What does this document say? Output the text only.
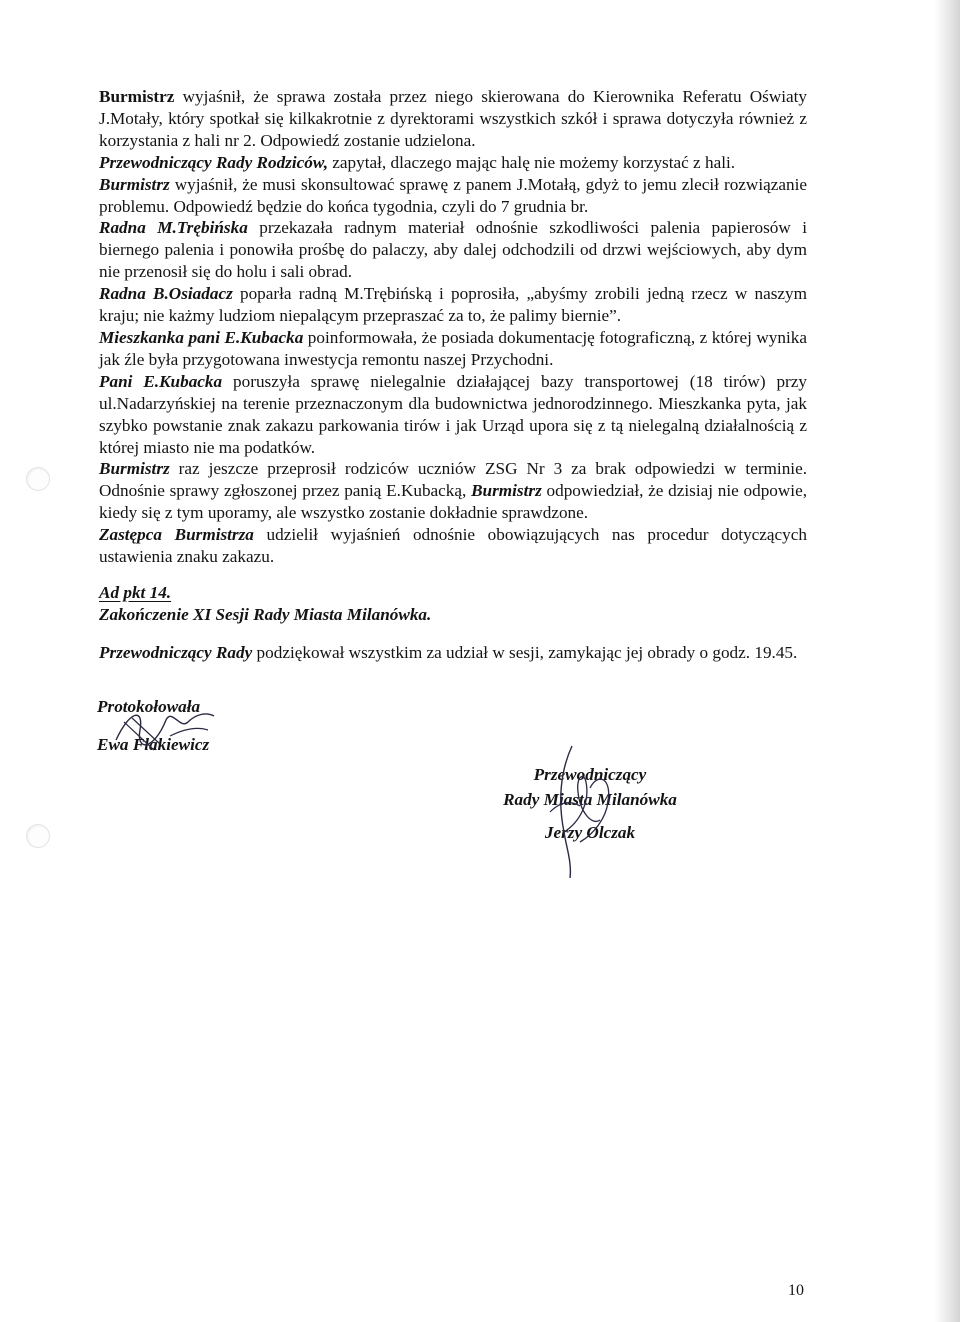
Burmistrz wyjaśnił, że sprawa została przez niego skierowana do Kierownika Referatu Oświaty J.Motały, który spotkał się kilkakrotnie z dyrektorami wszystkich szkół i sprawa dotyczyła również z korzystania z hali nr 2. Odpowiedź zostanie udzielona.

Przewodniczący Rady Rodziców, zapytał, dlaczego mając halę nie możemy korzystać z hali.

Burmistrz wyjaśnił, że musi skonsultować sprawę z panem J.Motałą, gdyż to jemu zlecił rozwiązanie problemu. Odpowiedź będzie do końca tygodnia, czyli do 7 grudnia br.

Radna M.Trębińska przekazała radnym materiał odnośnie szkodliwości palenia papierosów i biernego palenia i ponowiła prośbę do palaczy, aby dalej odchodzili od drzwi wejściowych, aby dym nie przenosił się do holu i sali obrad.

Radna B.Osiadacz poparła radną M.Trębińską i poprosiła, „abyśmy zrobili jedną rzecz w naszym kraju; nie każmy ludziom niepalącym przepraszać za to, że palimy biernie”.

Mieszkanka pani E.Kubacka poinformowała, że posiada dokumentację fotograficzną, z której wynika jak źle była przygotowana inwestycja remontu naszej Przychodni.

Pani E.Kubacka poruszyła sprawę nielegalnie działającej bazy transportowej (18 tirów) przy ul.Nadarzyńskiej na terenie przeznaczonym dla budownictwa jednorodzinnego. Mieszkanka pyta, jak szybko powstanie znak zakazu parkowania tirów i jak Urząd upora się z tą nielegalną działalnością z której miasto nie ma podatków.

Burmistrz raz jeszcze przeprosił rodziców uczniów ZSG Nr 3 za brak odpowiedzi w terminie. Odnośnie sprawy zgłoszonej przez panią E.Kubacką, Burmistrz odpowiedział, że dzisiaj nie odpowie, kiedy się z tym uporamy, ale wszystko zostanie dokładnie sprawdzone.

Zastępca Burmistrza udzielił wyjaśnień odnośnie obowiązujących nas procedur dotyczących ustawienia znaku zakazu.

Ad pkt 14.

Zakończenie XI Sesji Rady Miasta Milanówka.

Przewodniczący Rady podziękował wszystkim za udział w sesji, zamykając jej obrady o godz. 19.45.

Protokołowała
Ewa Flakiewicz
Przewodniczący
Rady Miasta Milanówka
Jerzy Olczak
10
